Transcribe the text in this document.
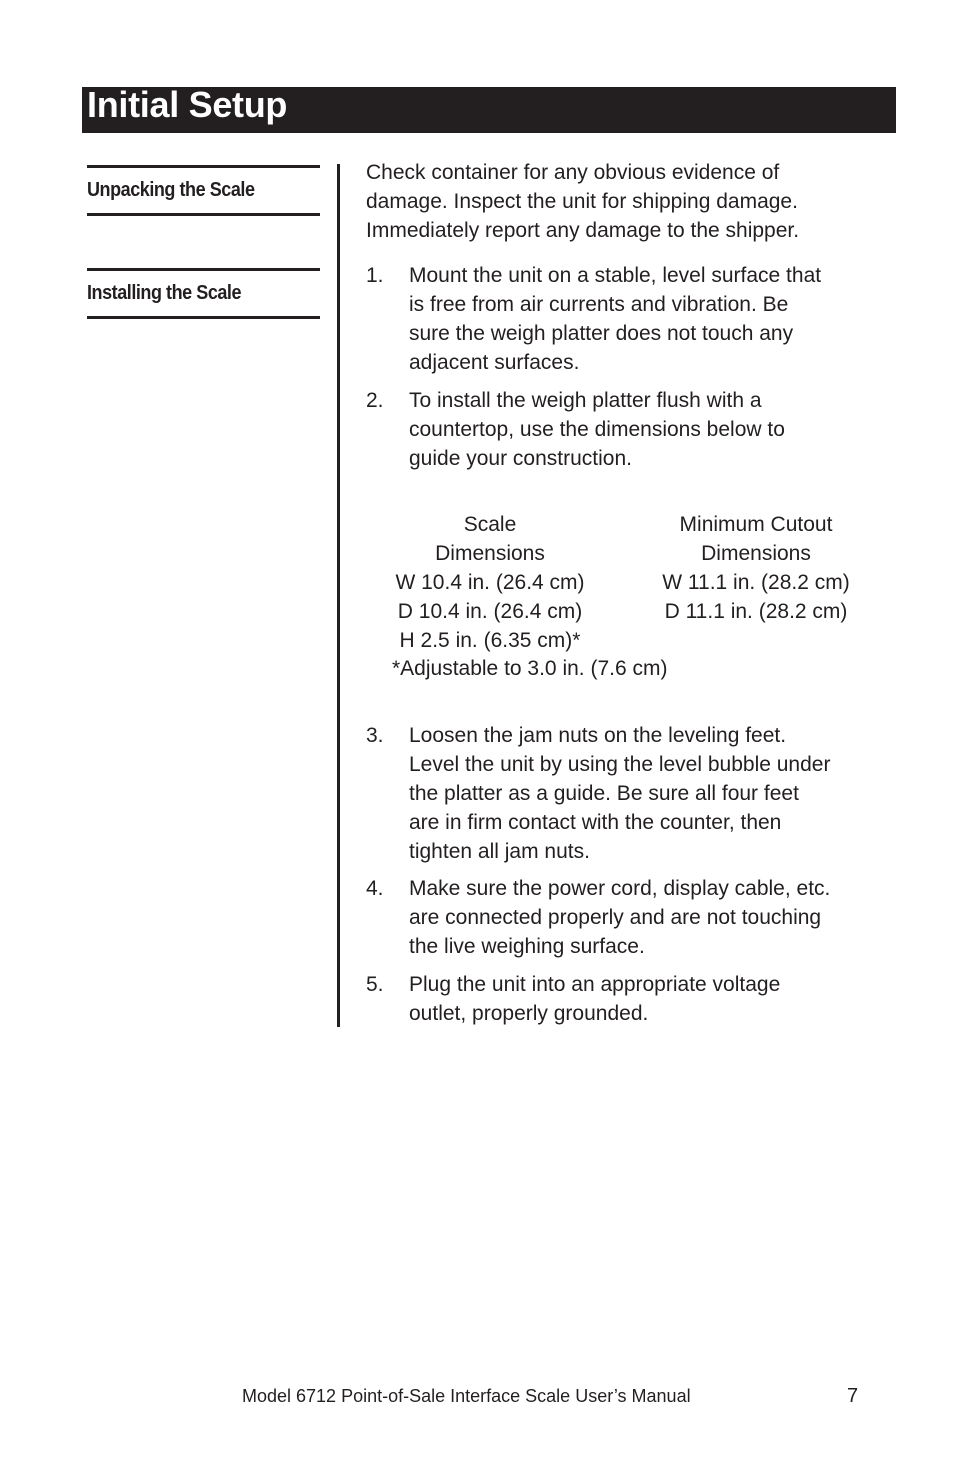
Initial Setup
Unpacking the Scale
Installing the Scale
Check container for any obvious evidence of
damage. Inspect the unit for shipping damage.
Immediately report any damage to the shipper.
1. Mount the unit on a stable, level surface that
is free from air currents and vibration. Be
sure the weigh platter does not touch any
adjacent surfaces.
2. To install the weigh platter flush with a
countertop, use the dimensions below to
guide your construction.
Scale
Dimensions
W 10.4 in. (26.4 cm)
D 10.4 in. (26.4 cm)
H 2.5 in. (6.35 cm)*
Minimum Cutout
Dimensions
W 11.1 in. (28.2 cm)
D 11.1 in. (28.2 cm)
*Adjustable to 3.0 in. (7.6 cm)
3. Loosen the jam nuts on the leveling feet.
Level the unit by using the level bubble under
the platter as a guide. Be sure all four feet
are in firm contact with the counter, then
tighten all jam nuts.
4. Make sure the power cord, display cable, etc.
are connected properly and are not touching
the live weighing surface.
5. Plug the unit into an appropriate voltage
outlet, properly grounded.
Model 6712 Point-of-Sale Interface Scale User’s Manual	7
